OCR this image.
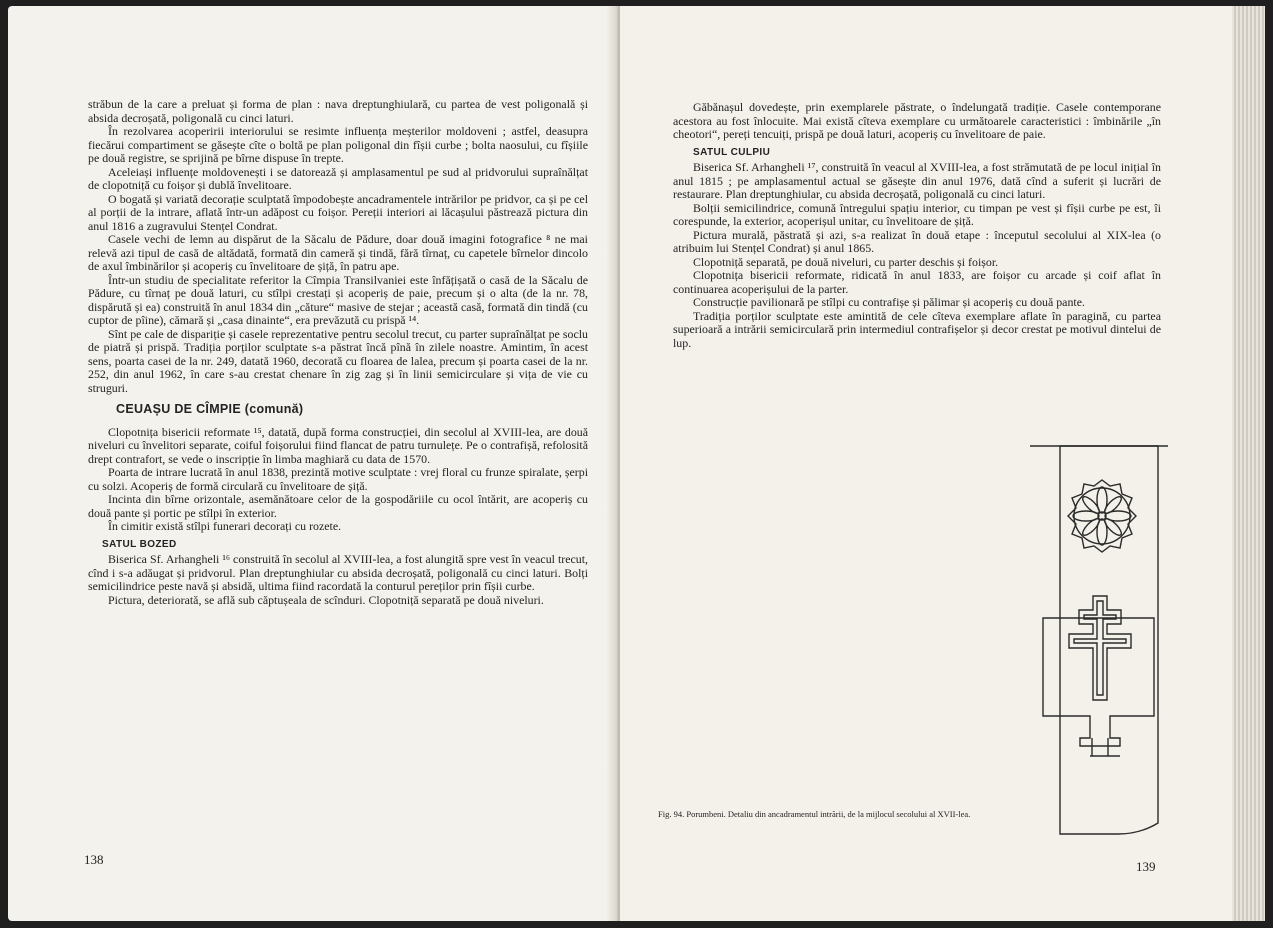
străbun de la care a preluat și forma de plan : nava dreptunghiulară, cu partea de vest poligonală și absida decroșată, poligonală cu cinci laturi.

În rezolvarea acoperirii interiorului se resimte influența meșterilor moldoveni ; astfel, deasupra fiecărui compartiment se găsește cîte o boltă pe plan poligonal din fîșii curbe ; bolta naosului, cu fîșiile pe două registre, se sprijină pe bîrne dispuse în trepte.

Aceleiași influențe moldovenești i se datorează și amplasamentul pe sud al pridvorului supraînălțat de clopotniță cu foișor și dublă învelitoare.

O bogată și variată decorație sculptată împodobește ancadramentele intrărilor pe pridvor, ca și pe cel al porții de la intrare, aflată într-un adăpost cu foișor. Pereții interiori ai lăcașului păstrează pictura din anul 1816 a zugravului Stențel Condrat.

Casele vechi de lemn au dispărut de la Săcalu de Pădure, doar două imagini fotografice ⁸ ne mai relevă azi tipul de casă de altădată, formată din cameră și tindă, fără tîrnaț, cu capetele bîrnelor dincolo de axul îmbinărilor și acoperiș cu învelitoare de șiță, în patru ape.

Într-un studiu de specialitate referitor la Cîmpia Transilvaniei este înfățișată o casă de la Săcalu de Pădure, cu tîrnaț pe două laturi, cu stîlpi crestați și acoperiș de paie, precum și o alta (de la nr. 78, dispărută și ea) construită în anul 1834 din „căture“ masive de stejar ; această casă, formată din tindă (cu cuptor de pîine), cămară și „casa dinainte“, era prevăzută cu prispă ¹⁴.

Sînt pe cale de dispariție și casele reprezentative pentru secolul trecut, cu parter supraînălțat pe soclu de piatră și prispă. Tradiția porților sculptate s-a păstrat încă pînă în zilele noastre. Amintim, în acest sens, poarta casei de la nr. 249, datată 1960, decorată cu floarea de lalea, precum și poarta casei de la nr. 252, din anul 1962, în care s-au crestat chenare în zig zag și în linii semicirculare și vița de vie cu struguri.

CEUAȘU DE CÎMPIE (comună)

Clopotnița bisericii reformate ¹⁵, datată, după forma construcției, din secolul al XVIII-lea, are două niveluri cu învelitori separate, coiful foișorului fiind flancat de patru turnulețe. Pe o contrafișă, refolosită drept contrafort, se vede o inscripție în limba maghiară cu data de 1570.

Poarta de intrare lucrată în anul 1838, prezintă motive sculptate : vrej floral cu frunze spiralate, șerpi cu solzi. Acoperiș de formă circulară cu învelitoare de șiță.

Incinta din bîrne orizontale, asemănătoare celor de la gospodăriile cu ocol întărit, are acoperiș cu două pante și portic pe stîlpi în exterior.

În cimitir există stîlpi funerari decorați cu rozete.

SATUL BOZED

Biserica Sf. Arhangheli ¹⁶ construită în secolul al XVIII-lea, a fost alungită spre vest în veacul trecut, cînd i s-a adăugat și pridvorul. Plan dreptunghiular cu absida decroșată, poligonală cu cinci laturi. Bolți semicilindrice peste navă și absidă, ultima fiind racordată la conturul pereților prin fîșii curbe.

Pictura, deteriorată, se află sub căptușeala de scînduri. Clopotniță separată pe două niveluri.

138

Găbănașul dovedește, prin exemplarele păstrate, o îndelungată tradiție. Casele contemporane acestora au fost înlocuite. Mai există cîteva exemplare cu următoarele caracteristici : îmbinările „în cheotori“, pereți tencuiți, prispă pe două laturi, acoperiș cu învelitoare de paie.

SATUL CULPIU

Biserica Sf. Arhangheli ¹⁷, construită în veacul al XVIII-lea, a fost strămutată de pe locul inițial în anul 1815 ; pe amplasamentul actual se găsește din anul 1976, dată cînd a suferit și lucrări de restaurare. Plan dreptunghiular, cu absida decroșată, poligonală cu cinci laturi.

Bolții semicilindrice, comună întregului spațiu interior, cu timpan pe vest și fîșii curbe pe est, îi corespunde, la exterior, acoperișul unitar, cu învelitoare de șiță.

Pictura murală, păstrată și azi, s-a realizat în două etape : începutul secolului al XIX-lea (o atribuim lui Stențel Condrat) și anul 1865.

Clopotniță separată, pe două niveluri, cu parter deschis și foișor.

Clopotnița bisericii reformate, ridicată în anul 1833, are foișor cu arcade și coif aflat în continuarea acoperișului de la parter.

Construcție pavilionară pe stîlpi cu contrafișe și pălimar și acoperiș cu două pante.

Tradiția porților sculptate este amintită de cele cîteva exemplare aflate în paragină, cu partea superioară a intrării semicirculară prin intermediul contrafișelor și decor crestat pe motivul dintelui de lup.

Fig. 94. Porumbeni. Detaliu din ancadramentul intrării, de la mijlocul secolului al XVII-lea.
139
